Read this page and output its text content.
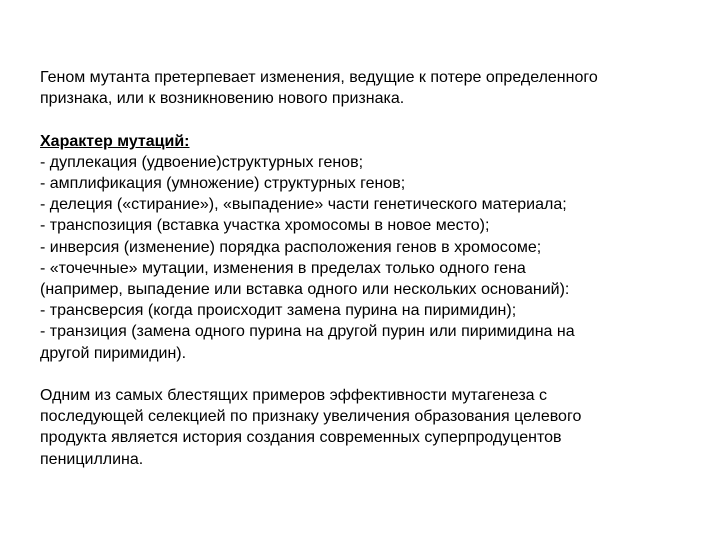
Геном мутанта претерпевает изменения, ведущие к потере определенного
признака, или к возникновению нового признака.
Характер мутаций:
- дуплекация (удвоение)структурных генов;
- амплификация (умножение) структурных генов;
- делеция («стирание»), «выпадение» части генетического материала;
- транспозиция (вставка участка хромосомы в новое место);
- инверсия (изменение) порядка расположения генов в хромосоме;
- «точечные» мутации, изменения в пределах только одного гена
(например, выпадение или вставка одного или нескольких оснований):
- трансверсия (когда происходит замена пурина на пиримидин);
- транзиция (замена одного пурина на другой пурин или пиримидина на
другой пиримидин).
Одним из самых блестящих примеров эффективности мутагенеза с
последующей селекцией по признаку увеличения образования целевого
продукта является история создания современных суперпродуцентов
пенициллина.
